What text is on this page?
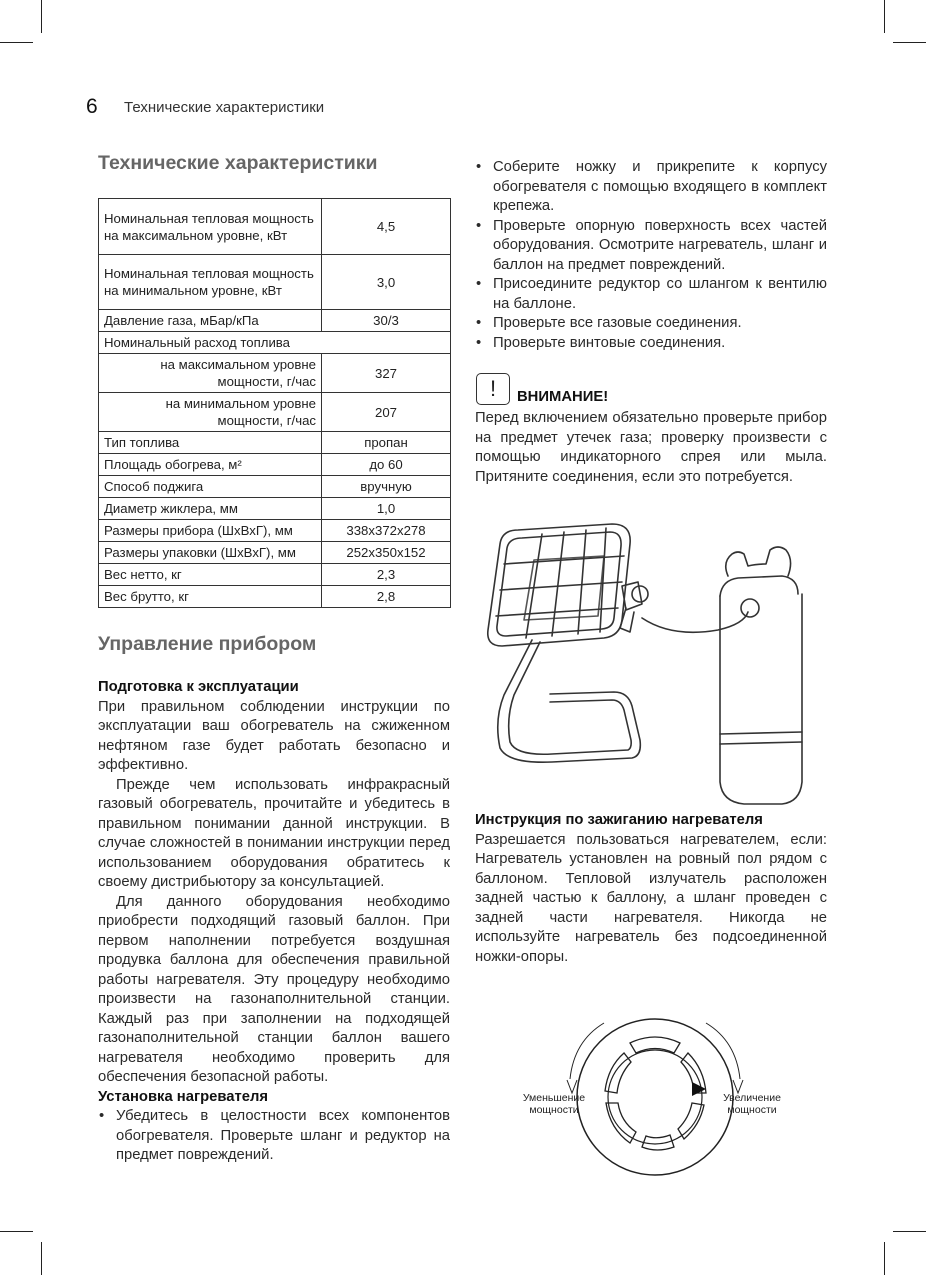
6 Технические характеристики
Технические характеристики
Номинальная тепловая мощность на максимальном уровне, кВт	4,5
Номинальная тепловая мощность на минимальном уровне, кВт	3,0
Давление газа, мБар/кПа	30/3
Номинальный расход топлива	
на максимальном уровне мощности, г/час	327
на минимальном уровне мощности, г/час	207
Тип топлива	пропан
Площадь обогрева, м²	до 60
Способ поджига	вручную
Диаметр жиклера, мм	1,0
Размеры прибора (ШхВхГ), мм	338x372x278
Размеры упаковки (ШхВхГ), мм	252x350x152
Вес нетто, кг	2,3
Вес брутто, кг	2,8
Управление прибором

Подготовка к эксплуатации

При правильном соблюдении инструкции по эксплуатации ваш обогреватель на сжиженном нефтяном газе будет работать безопасно и эффективно.

Прежде чем использовать инфракрасный газовый обогреватель, прочитайте и убедитесь в правильном понимании данной инструкции. В случае сложностей в понимании инструкции перед использованием оборудования обратитесь к своему дистрибьютору за консультацией.

Для данного оборудования необходимо приобрести подходящий газовый баллон. При первом наполнении потребуется воздушная продувка баллона для обеспечения правильной работы нагревателя. Эту процедуру необходимо произвести на газонаполнительной станции. Каждый раз при заполнении на подходящей газонаполнительной станции баллон вашего нагревателя необходимо проверить для обеспечения безопасной работы.

Установка нагревателя

• Убедитесь в целостности всех компонентов обогревателя. Проверьте шланг и редуктор на предмет повреждений.
• Соберите ножку и прикрепите к корпусу обогревателя с помощью входящего в комплект крепежа.
• Проверьте опорную поверхность всех частей оборудования. Осмотрите нагреватель, шланг и баллон на предмет повреждений.
• Присоедините редуктор со шлангом к вентилю на баллоне.
• Проверьте все газовые соединения.
• Проверьте винтовые соединения.
!	ВНИМАНИЕ!

Перед включением обязательно проверьте прибор на предмет утечек газа; проверку произвести с помощью индикаторного спрея или мыла. Притяните соединения, если это потребуется.

Инструкция по зажиганию нагревателя

Разрешается пользоваться нагревателем, если: Нагреватель установлен на ровный пол рядом с баллоном. Тепловой излучатель расположен задней частью к баллону, а шланг проведен с задней части нагревателя. Никогда не используйте нагреватель без подсоединенной ножки-опоры.

Уменьшение мощности
Увеличение мощности
